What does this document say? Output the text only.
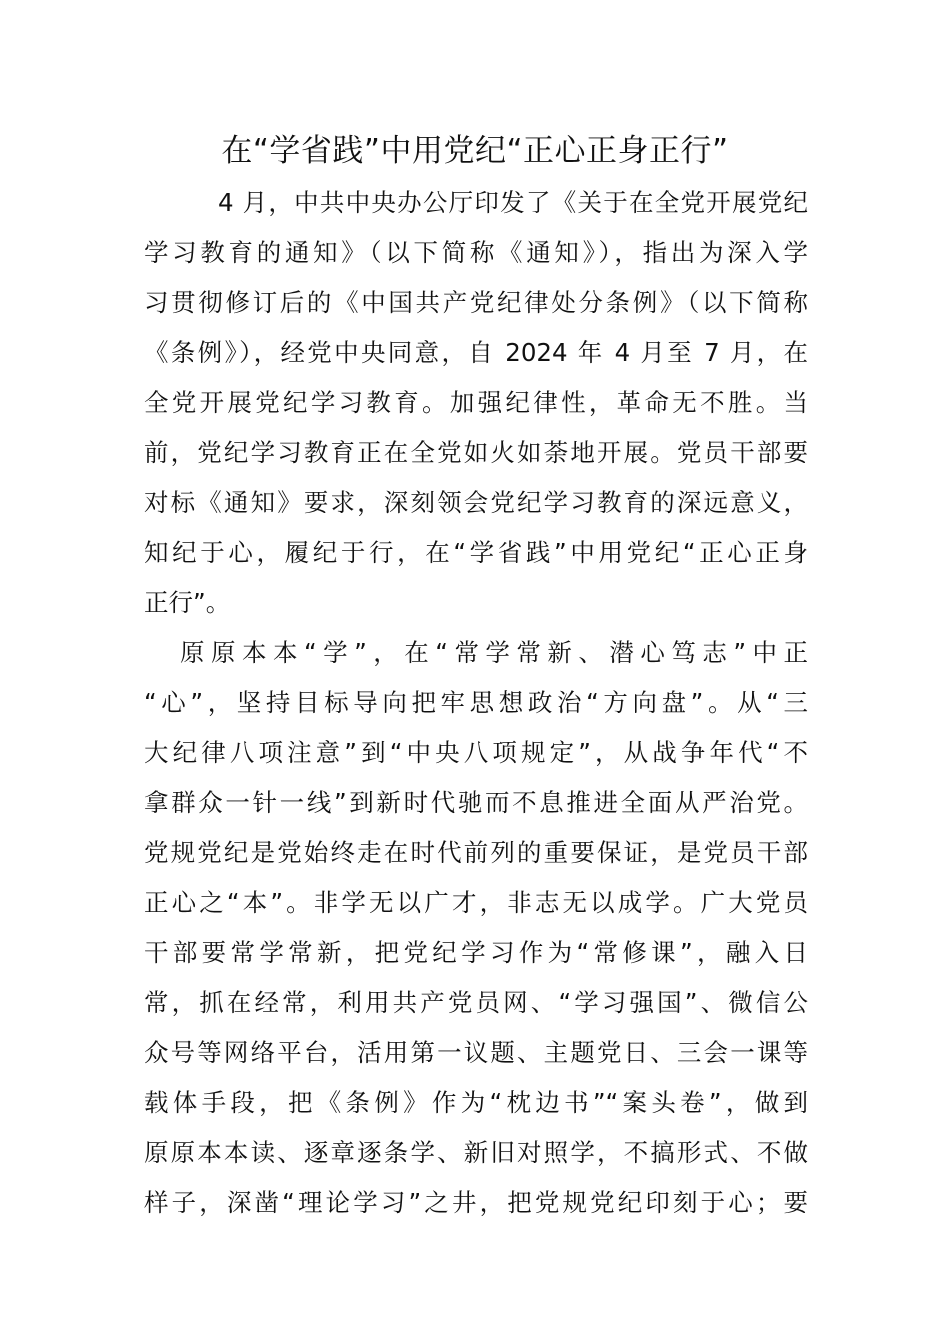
在“学省践”中用党纪“正心正身正行”
4 月，中共中央办公厅印发了《关于在全党开展党纪
学习教育的通知》（以下简称《通知》），指出为深入学
习贯彻修订后的《中国共产党纪律处分条例》（以下简称
《条例》），经党中央同意，自 2024 年 4 月至 7 月，在
全党开展党纪学习教育。加强纪律性，革命无不胜。当
前，党纪学习教育正在全党如火如荼地开展。党员干部要
对标《通知》要求，深刻领会党纪学习教育的深远意义，
知纪于心，履纪于行，在“学省践”中用党纪“正心正身
正行”。
原原本本“学”，在“常学常新、潜心笃志”中正
“心”，坚持目标导向把牢思想政治“方向盘”。从“三
大纪律八项注意”到“中央八项规定”，从战争年代“不
拿群众一针一线”到新时代驰而不息推进全面从严治党。
党规党纪是党始终走在时代前列的重要保证，是党员干部
正心之“本”。非学无以广才，非志无以成学。广大党员
干部要常学常新，把党纪学习作为“常修课”，融入日
常，抓在经常，利用共产党员网、“学习强国”、微信公
众号等网络平台，活用第一议题、主题党日、三会一课等
载体手段，把《条例》作为“枕边书”“案头卷”，做到
原原本本读、逐章逐条学、新旧对照学，不搞形式、不做
样子，深凿“理论学习”之井，把党规党纪印刻于心；要
